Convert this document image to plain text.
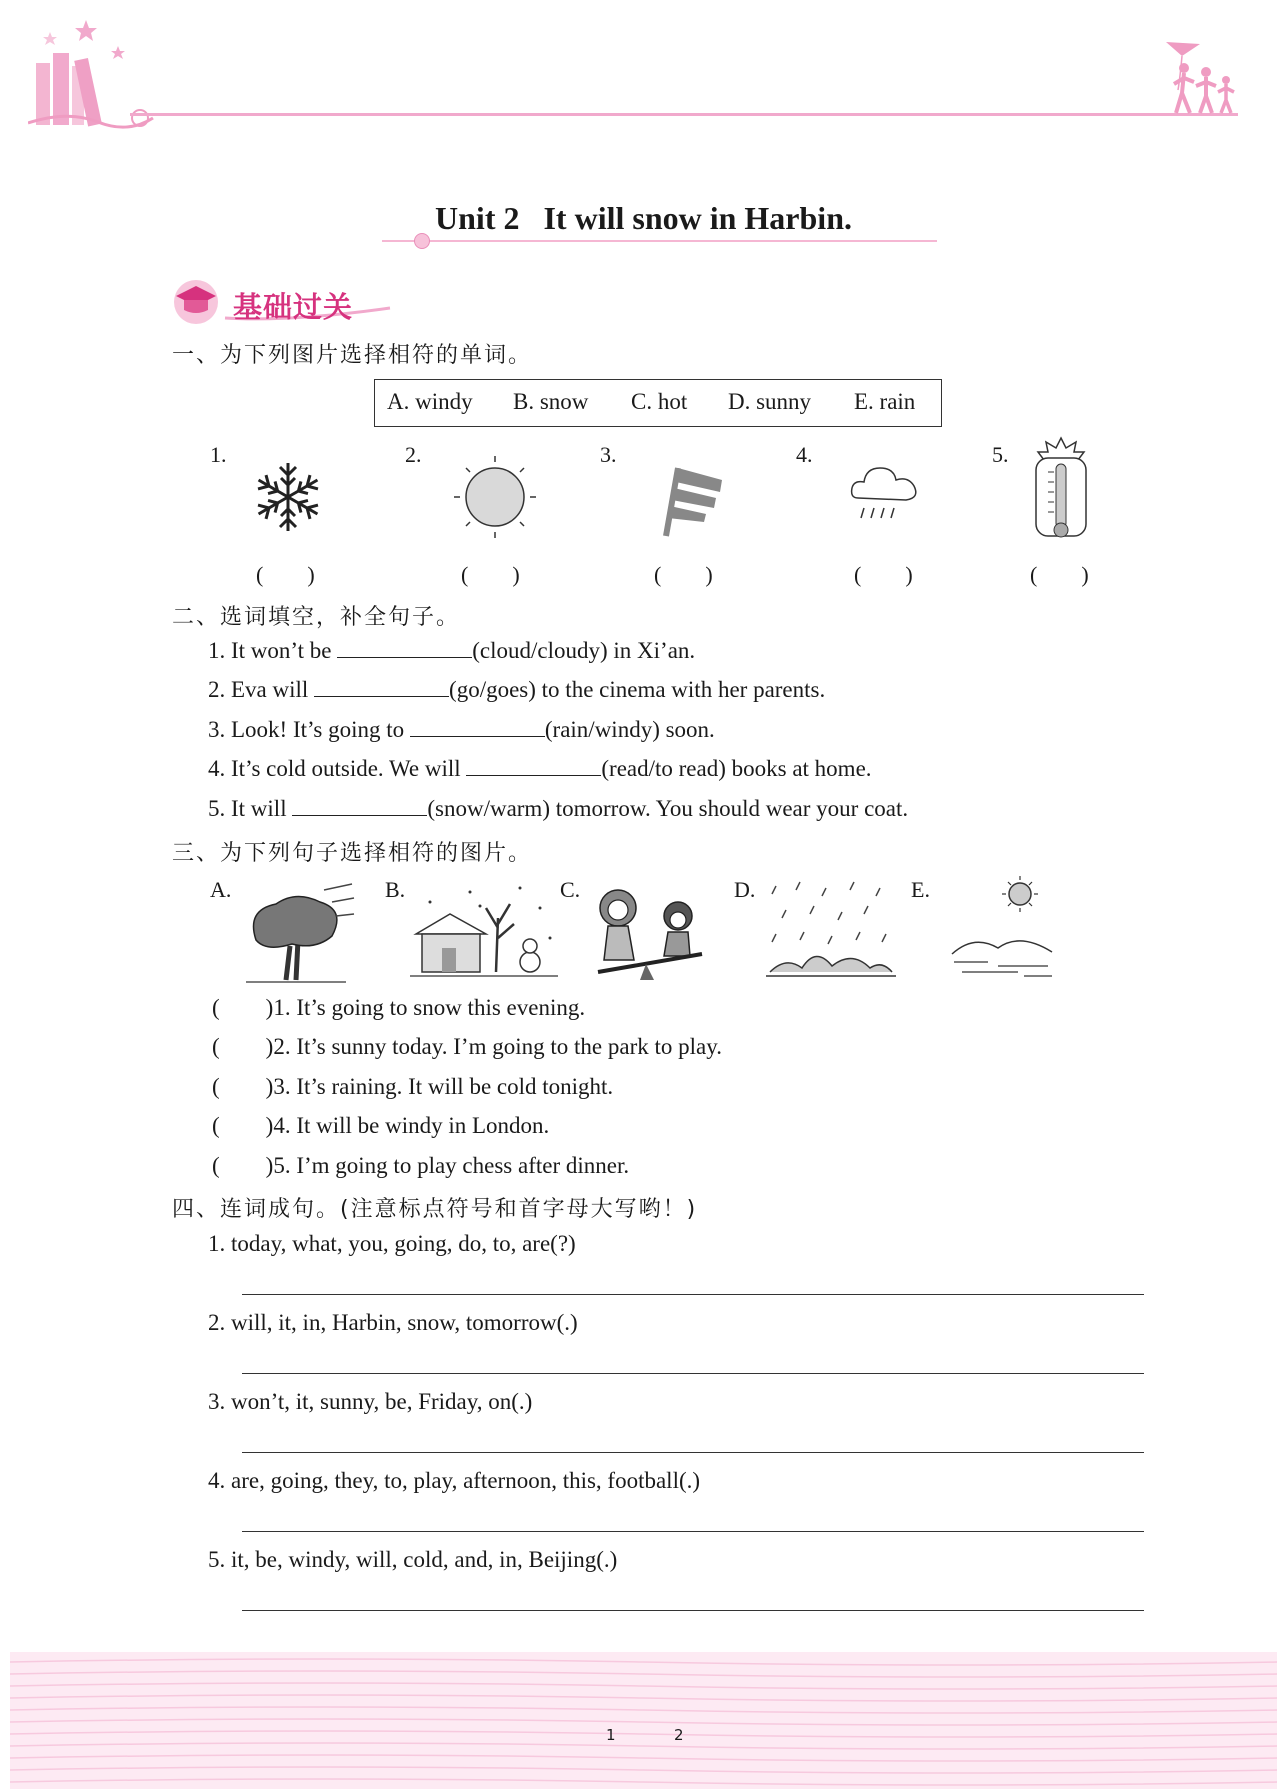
Unit 2   It will snow in Harbin.
基础过关
一、为下列图片选择相符的单词。
A. windy B. snow C. hot D. sunny E. rain
1.	2.	3.	4.	5.
(        )	(        )	(        )	(        )	(        )
二、选词填空，补全句子。
1. It won’t be	(cloud/cloudy) in Xi’an.
2. Eva will	(go/goes) to the cinema with her parents.
3. Look! It’s going to	(rain/windy) soon.
4. It’s cold outside. We will	(read/to read) books at home.
5. It will	(snow/warm) tomorrow. You should wear your coat.
三、为下列句子选择相符的图片。
A.	B.	C.	D.	E.
(        )1. It’s going to snow this evening.
(        )2. It’s sunny today. I’m going to the park to play.
(        )3. It’s raining. It will be cold tonight.
(        )4. It will be windy in London.
(        )5. I’m going to play chess after dinner.
四、连词成句。(注意标点符号和首字母大写哟！)
1. today, what, you, going, do, to, are(?)
2. will, it, in, Harbin, snow, tomorrow(.)
3. won’t, it, sunny, be, Friday, on(.)
4. are, going, they, to, play, afternoon, this, football(.)
5. it, be, windy, will, cold, and, in, Beijing(.)
1	2
